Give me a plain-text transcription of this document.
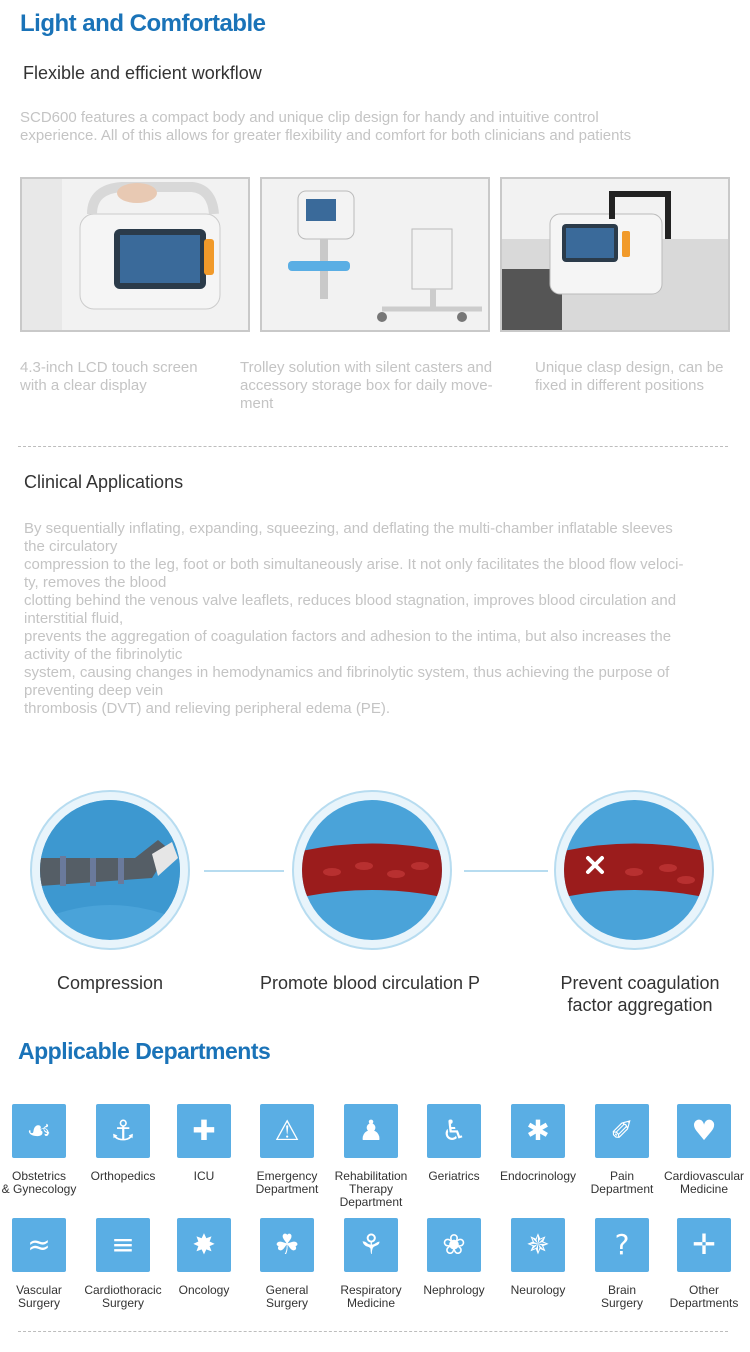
Light and Comfortable
Flexible and efficient workflow
SCD600 features a compact body and unique clip design for handy and intuitive control
experience. All of this allows for greater flexibility and comfort for both clinicians and patients
4.3-inch LCD touch screen
with a clear display
Trolley solution with silent casters and
accessory storage box for daily move-
ment
Unique clasp design, can be
fixed in different positions
Clinical Applications
By sequentially inflating, expanding, squeezing, and deflating the multi-chamber inflatable sleeves
the circulatory
compression to the leg, foot or both simultaneously arise. It not only facilitates the blood flow veloci-
ty, removes the blood
clotting behind the venous valve leaflets, reduces blood stagnation, improves blood circulation and
interstitial fluid,
prevents the aggregation of coagulation factors and adhesion to the intima, but also increases the
activity of the fibrinolytic
system, causing changes in hemodynamics and fibrinolytic system, thus achieving the purpose of
preventing deep vein
thrombosis (DVT) and relieving peripheral edema (PE).
Compression	Promote blood circulation P	Prevent coagulation
factor aggregation
Applicable Departments
☙
Obstetrics
& Gynecology
⚓
Orthopedics
✚
ICU
⚠
Emergency
Department
♟
Rehabilitation
Therapy
Department
♿
Geriatrics
✱
Endocrinology
✐
Pain
Department
♥
Cardiovascular
Medicine
≈
Vascular
Surgery
≡
Cardiothoracic
Surgery
✸
Oncology
☘
General
Surgery
⚘
Respiratory
Medicine
❀
Nephrology
✵
Neurology
?
Brain
Surgery
✛
Other
Departments
